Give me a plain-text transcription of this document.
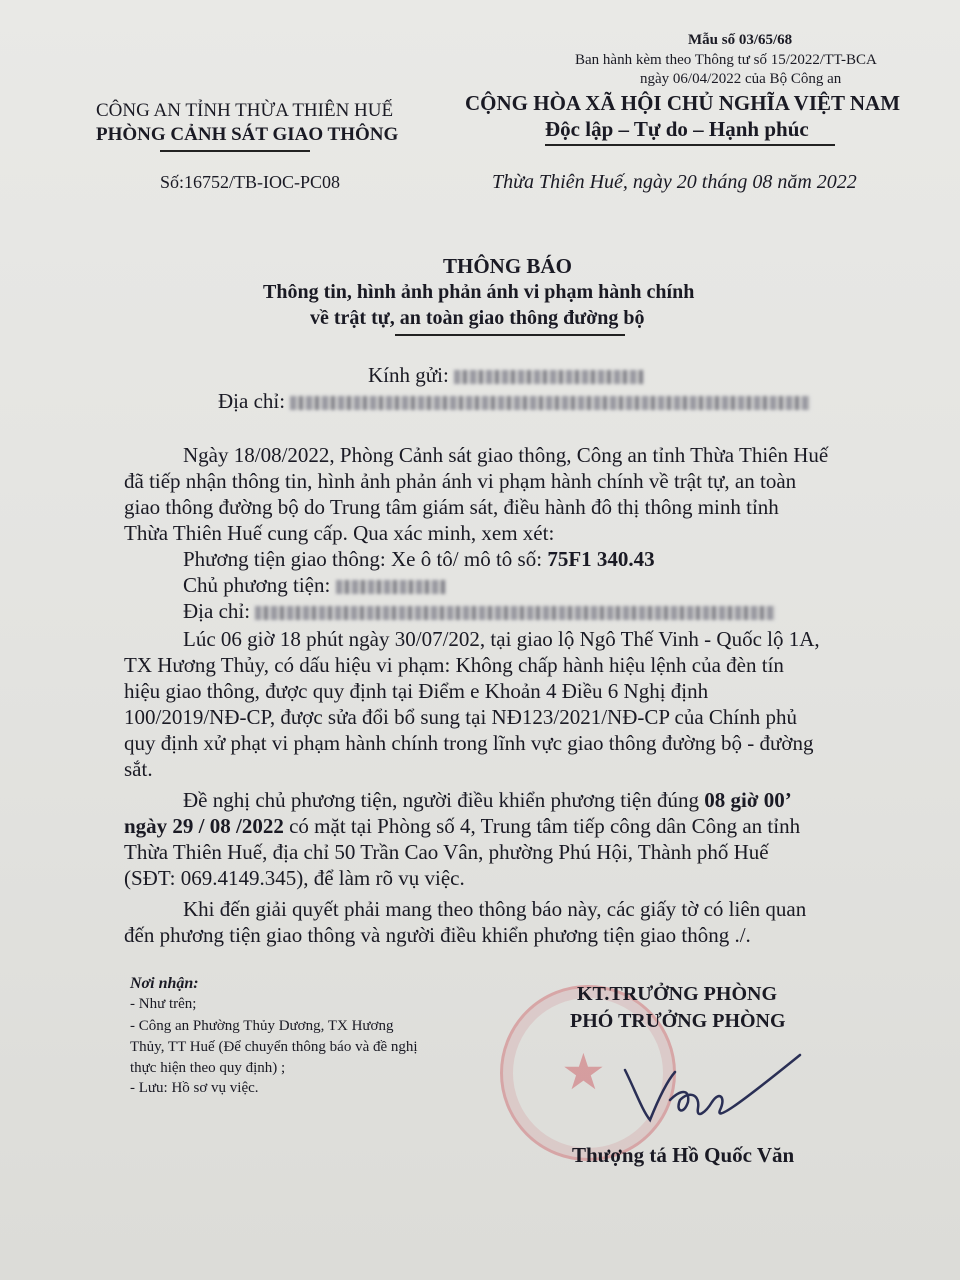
Mẫu số 03/65/68
Ban hành kèm theo Thông tư số 15/2022/TT-BCA
ngày 06/04/2022 của Bộ Công an
CÔNG AN TỈNH THỪA THIÊN HUẾ
PHÒNG CẢNH SÁT GIAO THÔNG
Số:16752/TB-IOC-PC08
CỘNG HÒA XÃ HỘI CHỦ NGHĨA VIỆT NAM
Độc lập – Tự do – Hạnh phúc
Thừa Thiên Huế, ngày 20 tháng 08 năm 2022
THÔNG BÁO
Thông tin, hình ảnh phản ánh vi phạm hành chính
về trật tự, an toàn giao thông đường bộ
Kính gửi:
Địa chỉ:
Ngày 18/08/2022, Phòng Cảnh sát giao thông, Công an tỉnh Thừa Thiên Huế
đã tiếp nhận thông tin, hình ảnh phản ánh vi phạm hành chính về trật tự, an toàn
giao thông đường bộ do Trung tâm giám sát, điều hành đô thị thông minh tỉnh
Thừa Thiên Huế cung cấp. Qua xác minh, xem xét:
Phương tiện giao thông: Xe ô tô/ mô tô số: 75F1 340.43
Chủ phương tiện:
Địa chỉ:
Lúc 06 giờ 18 phút ngày 30/07/202, tại giao lộ Ngô Thế Vinh - Quốc lộ 1A,
TX Hương Thủy, có dấu hiệu vi phạm: Không chấp hành hiệu lệnh của đèn tín
hiệu giao thông, được quy định tại Điểm e Khoản 4 Điều 6 Nghị định
100/2019/NĐ-CP, được sửa đổi bổ sung tại NĐ123/2021/NĐ-CP của Chính phủ
quy định xử phạt vi phạm hành chính trong lĩnh vực giao thông đường bộ - đường
sắt.
Đề nghị chủ phương tiện, người điều khiển phương tiện đúng 08 giờ 00’
ngày 29 / 08 /2022 có mặt tại Phòng số 4, Trung tâm tiếp công dân Công an tỉnh
Thừa Thiên Huế, địa chỉ 50 Trần Cao Vân, phường Phú Hội, Thành phố Huế
(SĐT: 069.4149.345), để làm rõ vụ việc.
Khi đến giải quyết phải mang theo thông báo này, các giấy tờ có liên quan
đến phương tiện giao thông và người điều khiển phương tiện giao thông ./.
Nơi nhận:
- Như trên;
- Công an Phường Thủy Dương, TX Hương
Thủy, TT Huế (Để chuyển thông báo và đề nghị
thực hiện theo quy định) ;
- Lưu: Hồ sơ vụ việc.	★
KT.TRƯỞNG PHÒNG
PHÓ TRƯỞNG PHÒNG
Thượng tá Hồ Quốc Văn
